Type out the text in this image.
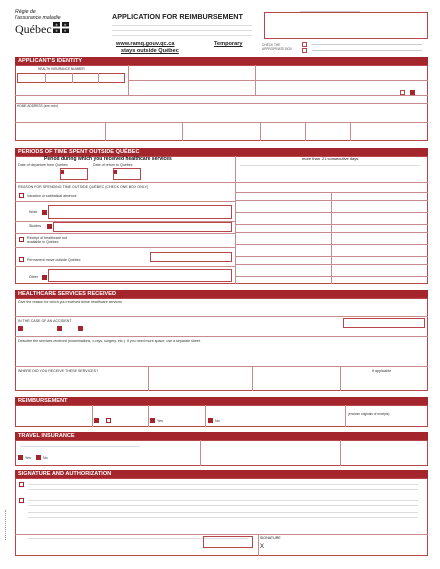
Régie de
l'assurance maladie
Québec ⚜ ⚜
⚜ ⚜
APPLICATION FOR REIMBURSEMENT
www.ramq.gouv.qc.ca	Temporary
stays outside Québec
CHECK THE APPROPRIATE BOX
APPLICANT'S IDENTITY
HEALTH INSURANCE NUMBER
HOME ADDRESS (see over)
PERIODS OF TIME SPENT OUTSIDE QUÉBEC
Period during which you received healthcare services
Date of departure from Québec	Date of return to Québec

more than 21 consecutive days
REASON FOR SPENDING TIME OUTSIDE QUÉBEC (CHECK ONE BOX ONLY)
Vacation or sabbatical absence
Work
Studies
Receipt of healthcare not
available in Québec
Permanent move outside Québec
Other
HEALTHCARE SERVICES RECEIVED
Give the reason for which you received these healthcare services
IN THE CASE OF AN ACCIDENT
Describe the services received (examinations, x-rays, surgery, etc.). If you need more space, use a separate sheet.
WHERE DID YOU RECEIVE THESE SERVICES?	If applicable
REIMBURSEMENT
Yes	No
(enclose originals of receipts)
TRAVEL INSURANCE
Yes	No
SIGNATURE AND AUTHORIZATION
SIGNATURE
X
